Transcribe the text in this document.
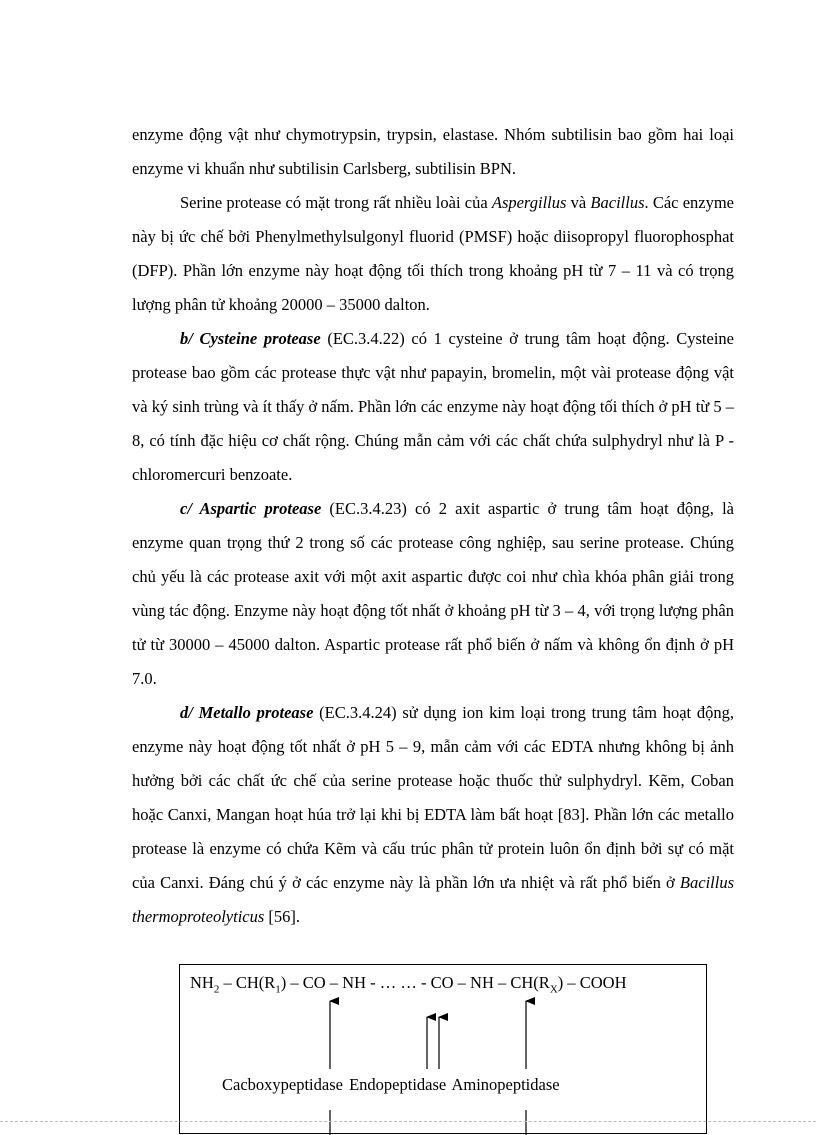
enzyme động vật như chymotrypsin, trypsin, elastase. Nhóm subtilisin bao gồm hai loại enzyme vi khuẩn như subtilisin Carlsberg, subtilisin BPN.

Serine protease có mặt trong rất nhiều loài của Aspergillus và Bacillus. Các enzyme này bị ức chế bởi Phenylmethylsulgonyl fluorid (PMSF) hoặc diisopropyl fluorophosphat (DFP). Phần lớn enzyme này hoạt động tối thích trong khoảng pH từ 7 – 11 và có trọng lượng phân tử khoảng 20000 – 35000 dalton.

b/ Cysteine protease (EC.3.4.22) có 1 cysteine ở trung tâm hoạt động. Cysteine protease bao gồm các protease thực vật như papayin, bromelin, một vài protease động vật và ký sinh trùng và ít thấy ở nấm. Phần lớn các enzyme này hoạt động tối thích ở pH từ 5 – 8, có tính đặc hiệu cơ chất rộng. Chúng mẫn cảm với các chất chứa sulphydryl như là P - chloromercuri benzoate.

c/ Aspartic protease (EC.3.4.23) có 2 axit aspartic ở trung tâm hoạt động, là enzyme quan trọng thứ 2 trong số các protease công nghiệp, sau serine protease. Chúng chủ yếu là các protease axit với một axit aspartic được coi như chìa khóa phân giải trong vùng tác động. Enzyme này hoạt động tốt nhất ở khoảng pH từ 3 – 4, với trọng lượng phân tử từ 30000 – 45000 dalton. Aspartic protease rất phổ biến ở nấm và không ổn định ở pH 7.0.

d/ Metallo protease (EC.3.4.24) sử dụng ion kim loại trong trung tâm hoạt động, enzyme này hoạt động tốt nhất ở pH 5 – 9, mẫn cảm với các EDTA nhưng không bị ảnh hưởng bởi các chất ức chế của serine protease hoặc thuốc thử sulphydryl. Kẽm, Coban hoặc Canxi, Mangan hoạt húa trở lại khi bị EDTA làm bất hoạt [83]. Phần lớn các metallo protease là enzyme có chứa Kẽm và cấu trúc phân tử protein luôn ổn định bởi sự có mặt của Canxi. Đáng chú ý ở các enzyme này là phần lớn ưa nhiệt và rất phổ biến ở Bacillus thermoproteolyticus [56].

$NH_2 - CH(R_1)$ – CO – NH - … … - CO – NH – $CH(R_X)$ – COOH
Cacboxypeptidase Endopeptidase Aminopeptidase
